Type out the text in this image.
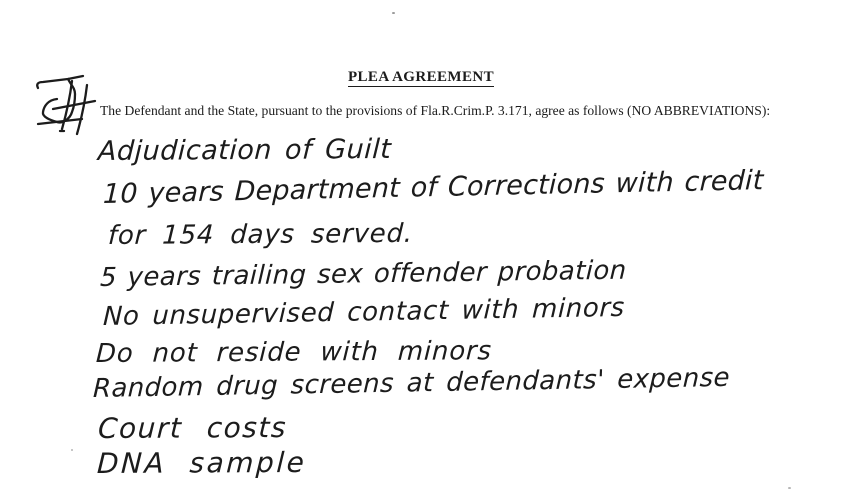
PLEA AGREEMENT

The Defendant and the State, pursuant to the provisions of Fla.R.Crim.P. 3.171, agree as follows (NO ABBREVIATIONS):

Adjudication of Guilt
10 years Department of Corrections with credit
for 154 days served.
5 years trailing sex offender probation
No unsupervised contact with minors
Do not reside with minors
Random drug screens at defendants' expense
Court costs
DNA sample
